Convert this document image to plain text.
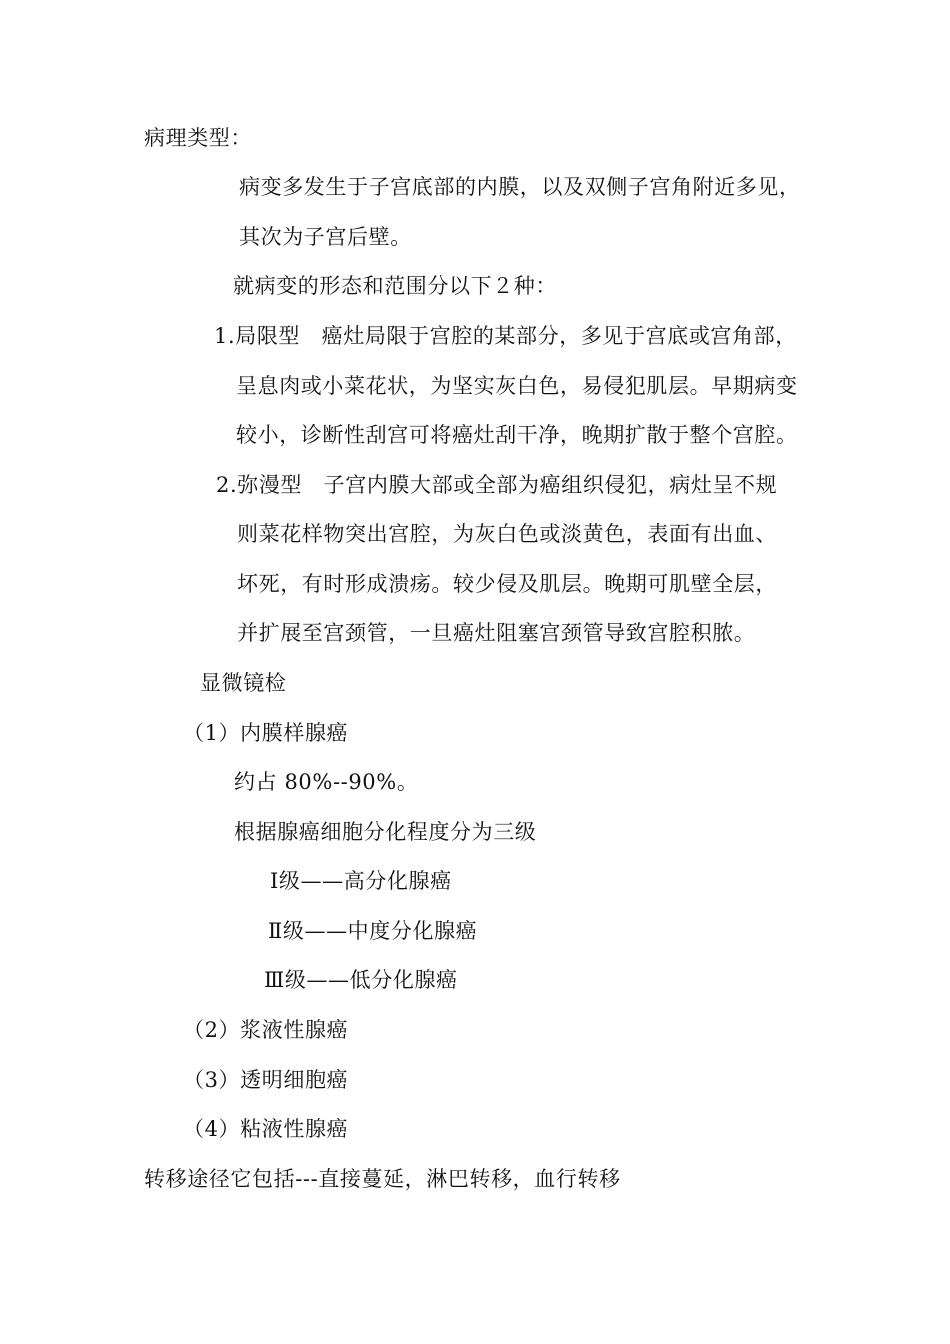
病理类型：
病变多发生于子宫底部的内膜，以及双侧子宫角附近多见，
其次为子宫后壁。
就病变的形态和范围分以下２种：
1.局限型　癌灶局限于宫腔的某部分，多见于宫底或宫角部，
呈息肉或小菜花状，为坚实灰白色，易侵犯肌层。早期病变
较小，诊断性刮宫可将癌灶刮干净，晚期扩散于整个宫腔。
2.弥漫型　子宫内膜大部或全部为癌组织侵犯，病灶呈不规
则菜花样物突出宫腔，为灰白色或淡黄色，表面有出血、
坏死，有时形成溃疡。较少侵及肌层。晚期可肌壁全层，
并扩展至宫颈管，一旦癌灶阻塞宫颈管导致宫腔积脓。
显微镜检
（1）内膜样腺癌
约占 80%--90%。
根据腺癌细胞分化程度分为三级
Ⅰ级——高分化腺癌
Ⅱ级——中度分化腺癌
Ⅲ级——低分化腺癌
（2）浆液性腺癌
（3）透明细胞癌
（4）粘液性腺癌
转移途径它包括---直接蔓延，淋巴转移，血行转移
